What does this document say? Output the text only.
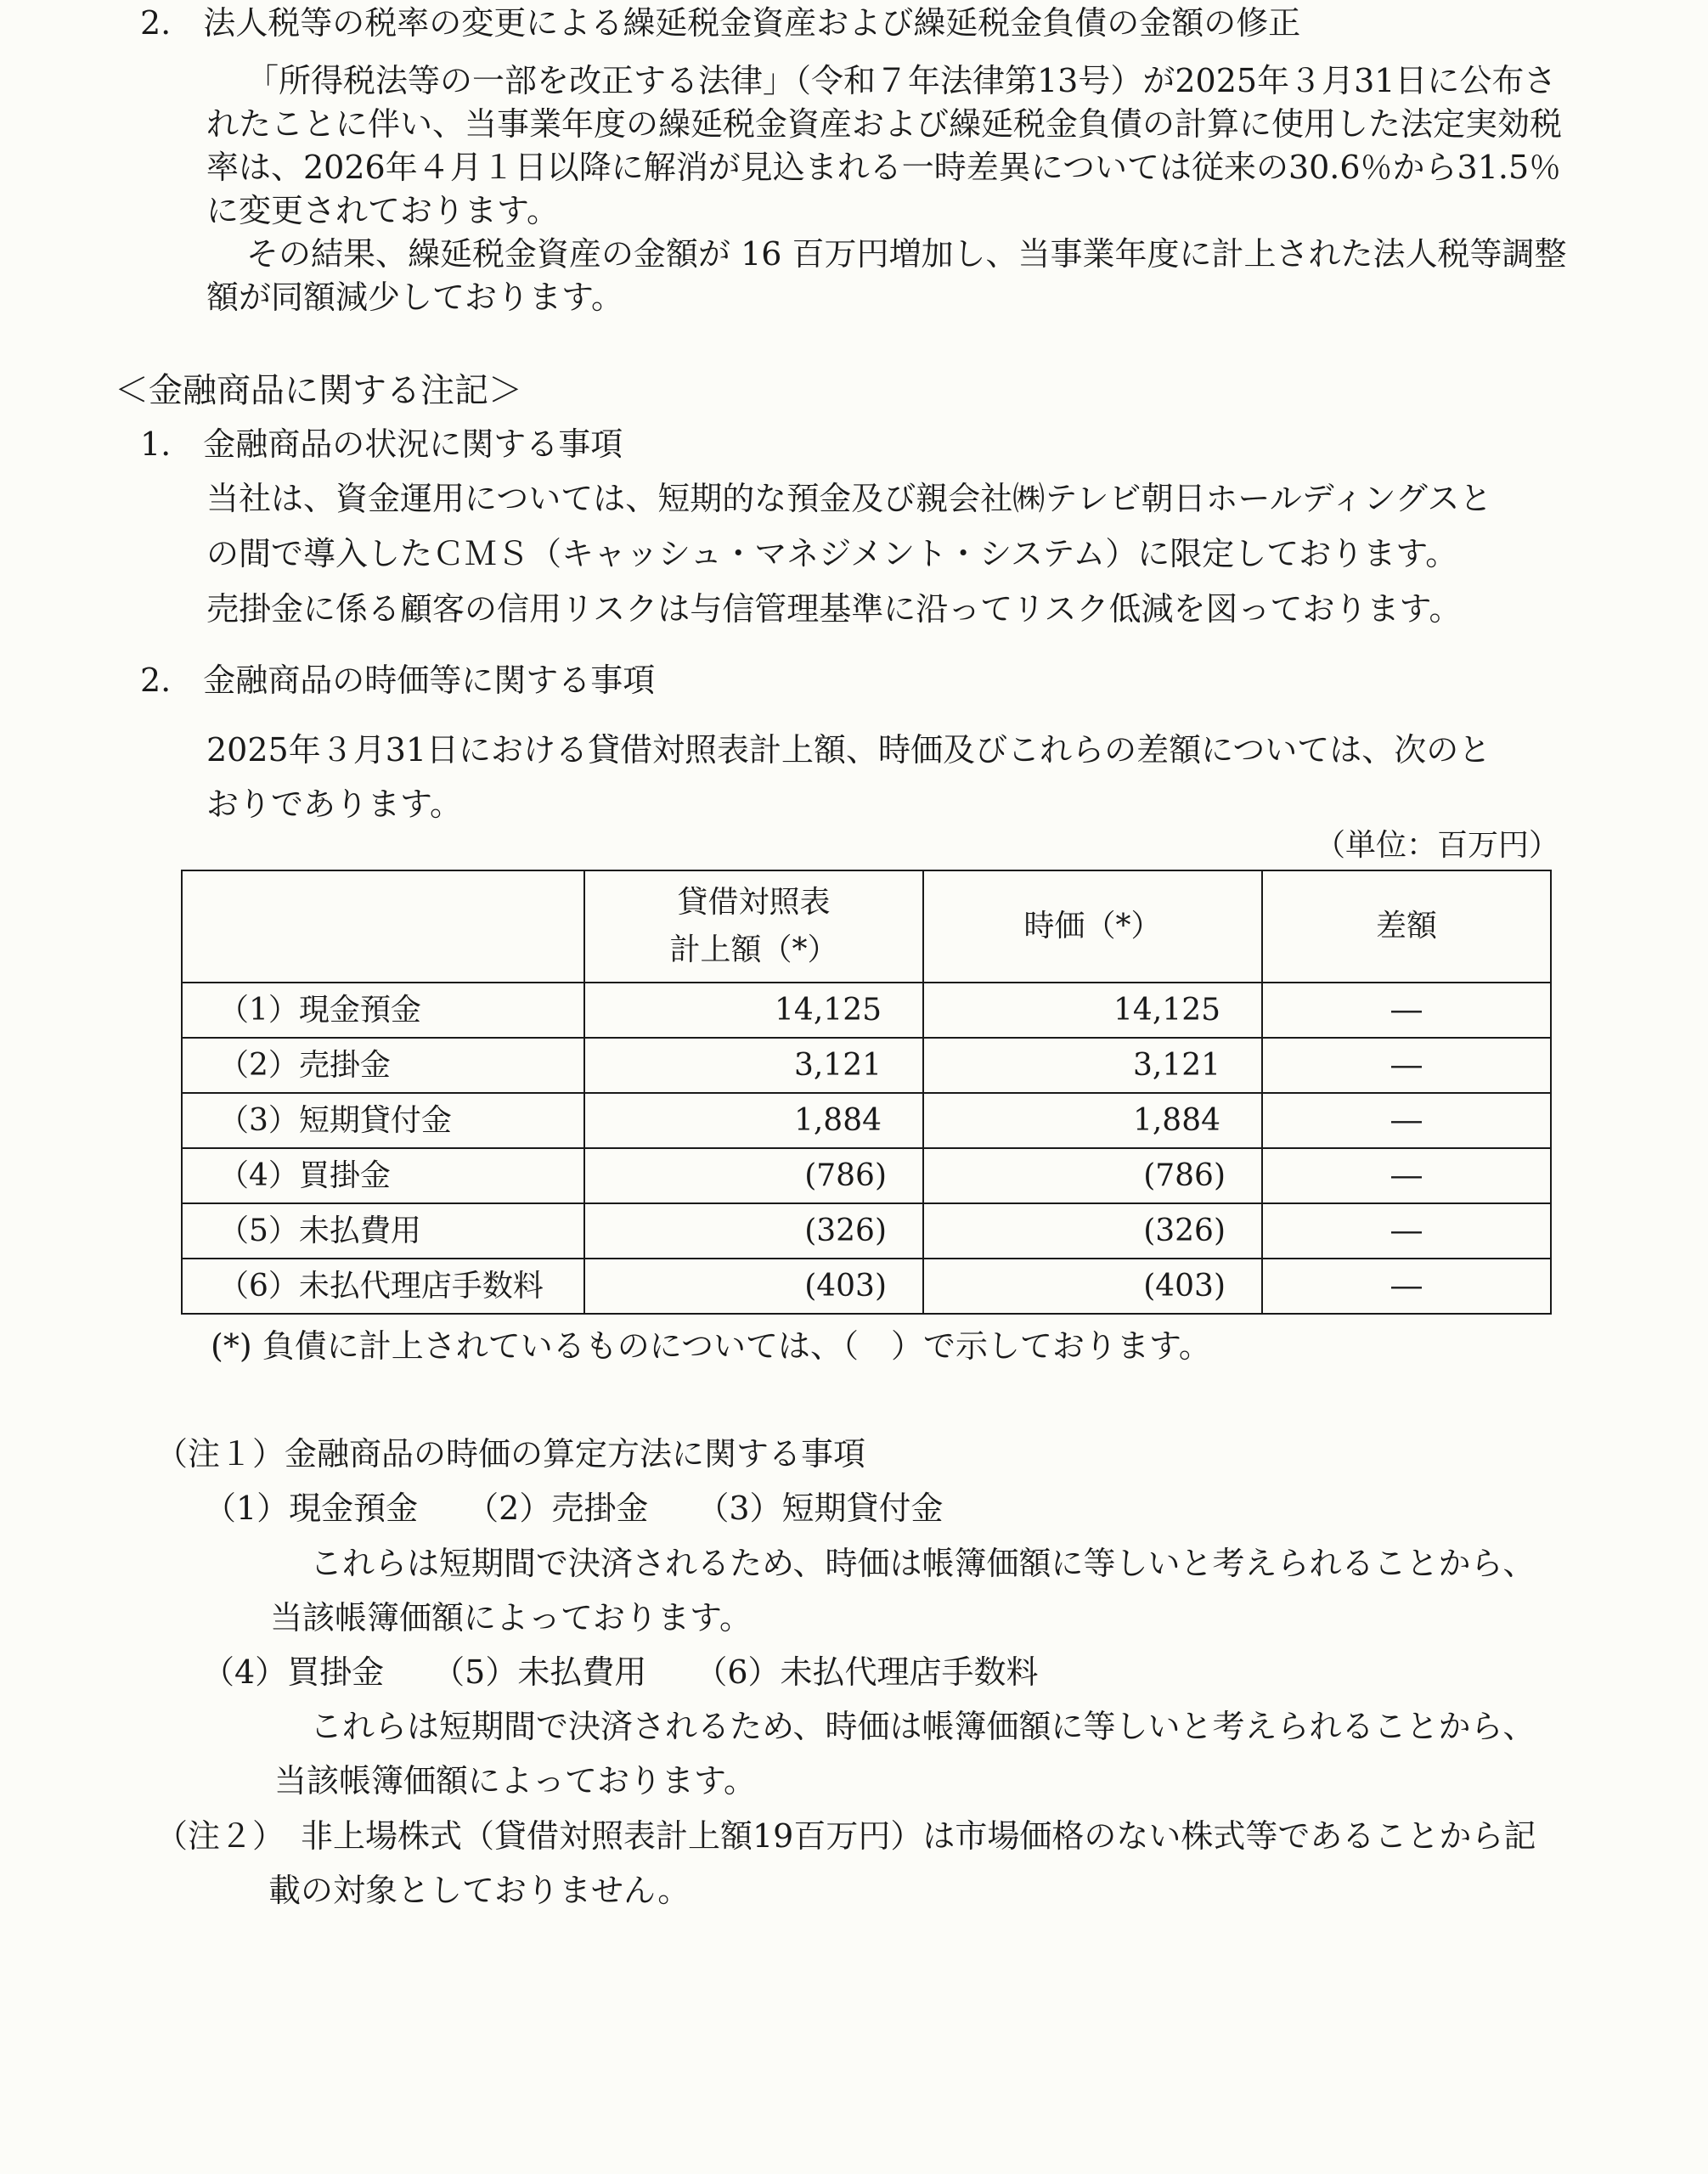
2.　法人税等の税率の変更による繰延税金資産および繰延税金負債の金額の修正
「所得税法等の一部を改正する法律」（令和７年法律第13号）が2025年３月31日に公布さ
れたことに伴い、当事業年度の繰延税金資産および繰延税金負債の計算に使用した法定実効税
率は、2026年４月１日以降に解消が見込まれる一時差異については従来の30.6％から31.5％
に変更されております。
その結果、繰延税金資産の金額が 16 百万円増加し、当事業年度に計上された法人税等調整
額が同額減少しております。
＜金融商品に関する注記＞
1.　金融商品の状況に関する事項
当社は、資金運用については、短期的な預金及び親会社㈱テレビ朝日ホールディングスと
の間で導入したＣＭＳ（キャッシュ・マネジメント・システム）に限定しております。
売掛金に係る顧客の信用リスクは与信管理基準に沿ってリスク低減を図っております。
2.　金融商品の時価等に関する事項
2025年３月31日における貸借対照表計上額、時価及びこれらの差額については、次のと
おりであります。
（単位：百万円）
	貸借対照表
計上額（*）	時価（*）	差額
（1）現金預金	14,125	14,125	―
（2）売掛金	3,121	3,121	―
（3）短期貸付金	1,884	1,884	―
（4）買掛金	(786)	(786)	―
（5）未払費用	(326)	(326)	―
（6）未払代理店手数料	(403)	(403)	―
(*) 負債に計上されているものについては、（　）で示しております。
（注１）金融商品の時価の算定方法に関する事項
（1）現金預金　　（2）売掛金　　（3）短期貸付金
これらは短期間で決済されるため、時価は帳簿価額に等しいと考えられることから、
当該帳簿価額によっております。
（4）買掛金　　（5）未払費用　　（6）未払代理店手数料
これらは短期間で決済されるため、時価は帳簿価額に等しいと考えられることから、
当該帳簿価額によっております。
（注２）　非上場株式（貸借対照表計上額19百万円）は市場価格のない株式等であることから記
載の対象としておりません。
